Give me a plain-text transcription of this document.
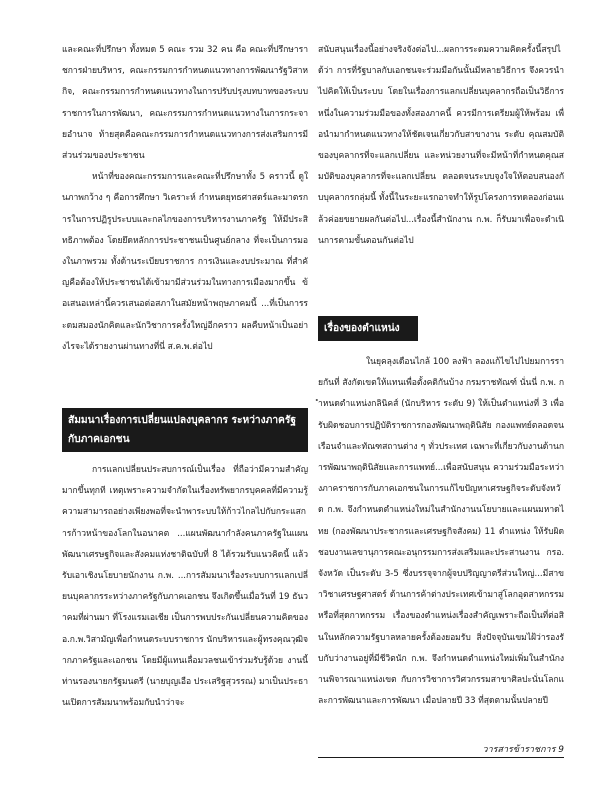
และคณะที่ปรึกษา ทั้งหมด 5 คณะ รวม 32 คน คือ คณะที่ปรึกษาราชการฝ่ายบริหาร, คณะกรรมการกำหนดแนวทางการพัฒนารัฐวิสาหกิจ, คณะกรรมการกำหนดแนวทางในการปรับปรุงบทบาทของระบบราชการในการพัฒนา, คณะกรรมการกำหนดแนวทางในการกระจายอำนาจ ท้ายสุดคือคณะกรรมการกำหนดแนวทางการส่งเสริมการมีส่วนร่วมของประชาชน

หน้าที่ของคณะกรรมการและคณะที่ปรึกษาทั้ง 5 คราวนี้ ดูในภาพกว้าง ๆ คือการศึกษา วิเคราะห์ กำหนดยุทธศาสตร์และมาตรการในการปฏิรูประบบและกลไกของการบริหารงานภาครัฐ ให้มีประสิทธิภาพต้อง โดยยึดหลักการประชาชนเป็นศูนย์กลาง ที่จะเป็นการมองในภาพรวม ทั้งด้านระเบียบราชการ การเงินและงบประมาณ ที่สำคัญคือต้องให้ประชาชนได้เข้ามามีส่วนร่วมในทางการเมืองมากขึ้น ข้อเสนอเหล่านี้ควรเสนอต่อสภาในสมัยหน้าพฤษภาคมนี้ ...ที่เป็นการระดมสมองนักคิดและนักวิชาการครั้งใหญ่อีกคราว ผลคืบหน้าเป็นอย่างไรจะได้รายงานผ่านทางที่นี่ ส.ค.พ.ต่อไป

สัมมนาเรื่องการเปลี่ยนแปลงบุคลากร ระหว่างภาครัฐกับภาคเอกชน

การแลกเปลี่ยนประสบการณ์เป็นเรื่อง ที่ถือว่ามีความสำคัญมากขึ้นทุกที เหตุเพราะความจำกัดในเรื่องทรัพยากรบุคคลที่มีความรู้ความสามารถอย่างเพียงพอที่จะนำพาระบบให้ก้าวไกลไปกับกระแสการก้าวหน้าของโลกในอนาคต ...แผนพัฒนากำลังคนภาครัฐในแผนพัฒนาเศรษฐกิจและสังคมแห่งชาติฉบับที่ 8 ได้รวมรับแนวคิดนี้ แล้วรับเอาเชิงนโยบายนักงาน ก.พ. ...การสัมมนาเรื่องระบบการแลกเปลี่ยนบุคลากรระหว่างภาครัฐกับภาคเอกชน จึงเกิดขึ้นเมื่อวันที่ 19 ธันวาคมที่ผ่านมา ที่โรงแรมเอเชีย เป็นการพบประกันเปลี่ยนความคิดของ อ.ก.พ.วิสามัญเพื่อกำหนดระบบราชการ นักบริหารและผู้ทรงคุณวุฒิจากภาครัฐและเอกชน โดยมีผู้แทนเลื่อมวลชนเข้าร่วมรับรู้ด้วย งานนี้ท่านรองนายกรัฐมนตรี (นายบุญเอือ ประเสริฐสุวรรณ) มาเป็นประธานเปิดการสัมมนาพร้อมกับนำว่าจะ

สนับสนุนเรื่องนี้อย่างจริงจังต่อไป...ผลการระดมความคิดครั้งนี้สรุปได้ว่า การที่รัฐบาลกับเอกชนจะร่วมมือกันนั้นมีหลายวิธีการ จึงควรนำไปคิดให้เป็นระบบ โดยในเรื่องการแลกเปลี่ยนบุคลากรถือเป็นวิธีการหนึ่งในความร่วมมือของทั้งสองภาคนี้ ควรมีการเตรียมผู้ให้พร้อม เพื่อนำมากำหนดแนวทางให้ชัดเจนเกี่ยวกับสาขางาน ระดับ คุณสมบัติของบุคลากรที่จะแลกเปลี่ยน และหน่วยงานที่จะมีหน้าที่กำหนดคุณสมบัติของบุคลากรที่จะแลกเปลี่ยน ตลอดจนระบบจูงใจให้ตอบสนองกับบุคลากรกลุ่มนี้ ทั้งนี้ในระยะแรกอาจทำให้รูปโครงการทดลองก่อนแล้วค่อยขยายผลกันต่อไป...เรื่องนี้สำนักงาน ก.พ. ก็รับมาเพื่อจะดำเนินการตามขั้นตอนกันต่อไป

เรื่องของตำแหน่ง

ในยุคลุงเดือนไกล้ 100 ลงฟ้า ลองแก้ไขไปไปยมการรายกันที่ สังกัดเขตให้แทนเพื่อตั้งคติกันบ้าง กรมราชทัณฑ์ นั่นนี่ ก.พ. กำหนดตำแหน่งกลินิคส์ (นักบริหาร ระดับ 9) ให้เป็นตำแหน่งที่ 3 เพื่อรับผิดชอบการปฏิบัติราชการกองพัฒนาพฤตินิสัย กองแพทย์ตลอดจนเรือนจำและทัณฑสถานต่าง ๆ ทั่วประเทศ เฉพาะที่เกี่ยวกับงานด้านการพัฒนาพฤตินิสัยและการแพทย์...เพื่อสนับสนุน ความร่วมมือระหว่างภาคราชการกับภาคเอกชนในการแก้ไขปัญหาเศรษฐกิจระดับจังหวัด ก.พ. จึงกำหนดตำแหน่งใหม่ในสำนักงานนโยบายและแผนมหาดไทย (กองพัฒนาประชากรและเศรษฐกิจสังคม) 11 ตำแหน่ง ให้รับผิดชอบงานเลขานุการคณะอนุกรรมการส่งเสริมและประสานงาน กรอ. จังหวัด เป็นระดับ 3-5 ซึ่งบรรจุจากผู้จบปริญญาตรีส่วนใหญ่...มีสาขาวิชาเศรษฐศาสตร์ ด้านการค้าต่างประเทศเข้ามาสู่โลกอุตสาหกรรมหรือที่สุดกาหกรรม เรื่องของตำแหน่งเรื่องสำคัญเพราะถือเป็นที่ต่อสินในหลักความรัฐบาลหลายครั้งต้องยอมรับ สิ่งปัจจุบันเขมไฝ้ว่ารองรับกับว่างานอยู่ที่มีชีวิตนัก ก.พ. จึงกำหนดตำแหน่งใหม่เพิ่มในสำนักงานพิจารณาแหน่งเขต กับการวิชาการวิศวกรรมสาขาศิลปะนั่นโลกและการพัฒนาและการพัฒนา เมื่อปลายปี 33 ที่สุดตามนั้นปลายปี

วารสารข้าราชการ 9
